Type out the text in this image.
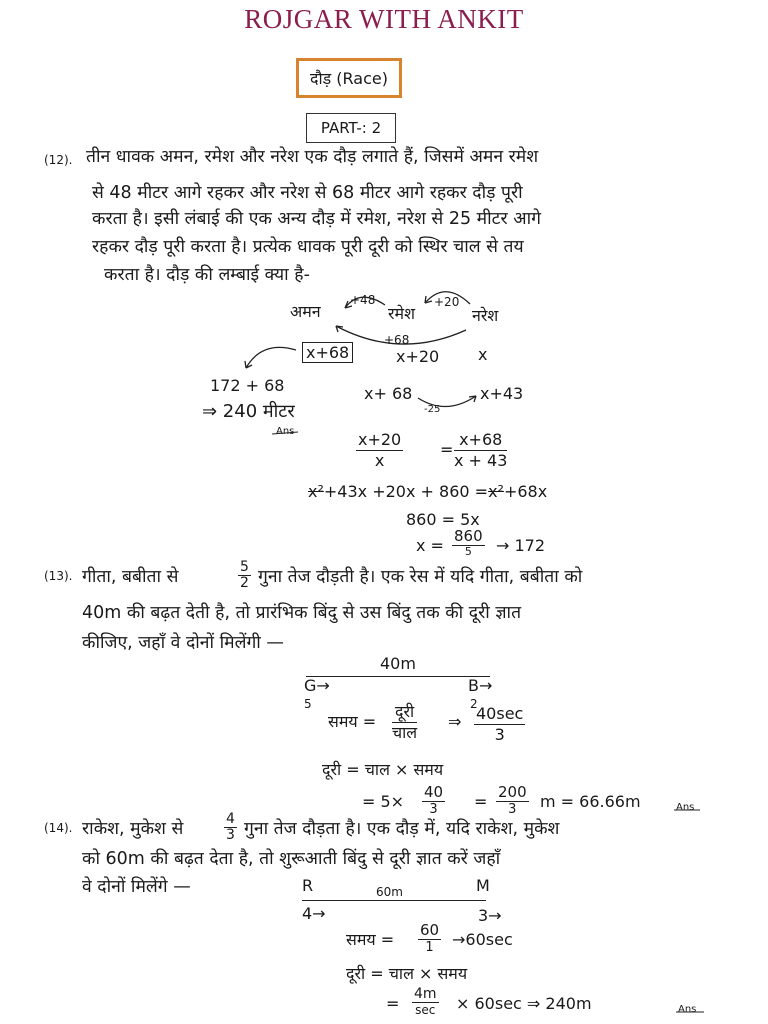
ROJGAR WITH ANKIT
दौड़ (Race)
PART-: 2
(12). तीन धावक अमन, रमेश और नरेश एक दौड़ लगाते हैं, जिसमें अमन रमेश
से 48 मीटर आगे रहकर और नरेश से 68 मीटर आगे रहकर दौड़ पूरी
करता है। इसी लंबाई की एक अन्य दौड़ में रमेश, नरेश से 25 मीटर आगे
रहकर दौड़ पूरी करता है। प्रत्येक धावक पूरी दूरी को स्थिर चाल से तय
करता है। दौड़ की लम्बाई क्या है-
अमन	रमेश	नरेश
+48	+20
+68
x+68	x+20 x
x+ 68
-25
x+43
172 + 68
⇒ 240 मीटर
Ans	$\frac{x+20}{x} = \frac{x+68}{x + 43}$
x²+43x +20x + 860 =x²+68x
860 = 5x
x = 860
5	→ 172
(13). गीता, बबीता से	$\frac{5}{2}$ गुना तेज दौड़ती है। एक रेस में यदि गीता, बबीता को
40m की बढ़त देती है, तो प्रारंभिक बिंदु से उस बिंदु तक की दूरी ज्ञात
कीजिए, जहाँ वे दोनों मिलेंगी —
40m
G→
5
B→
2
समय =
दूरी
चाल
⇒ 40sec
3
दूरी = चाल × समय
= $5\times \frac{40}{3} = \frac{200}{3}$ m = 66.66m	Ans
(14). राकेश, मुकेश से	$\frac{4}{3}$ गुना तेज दौड़ता है। एक दौड़ में, यदि राकेश, मुकेश
को 60m की बढ़त देता है, तो शुरूआती बिंदु से दूरी ज्ञात करें जहाँ
वे दोनों मिलेंगे —	R	60m	M
4→	3→
समय = $\frac{60}{1} \to 60\sec$
दूरी = चाल × समय
= 4m
sec × 60sec ⇒ 240m	Ans
